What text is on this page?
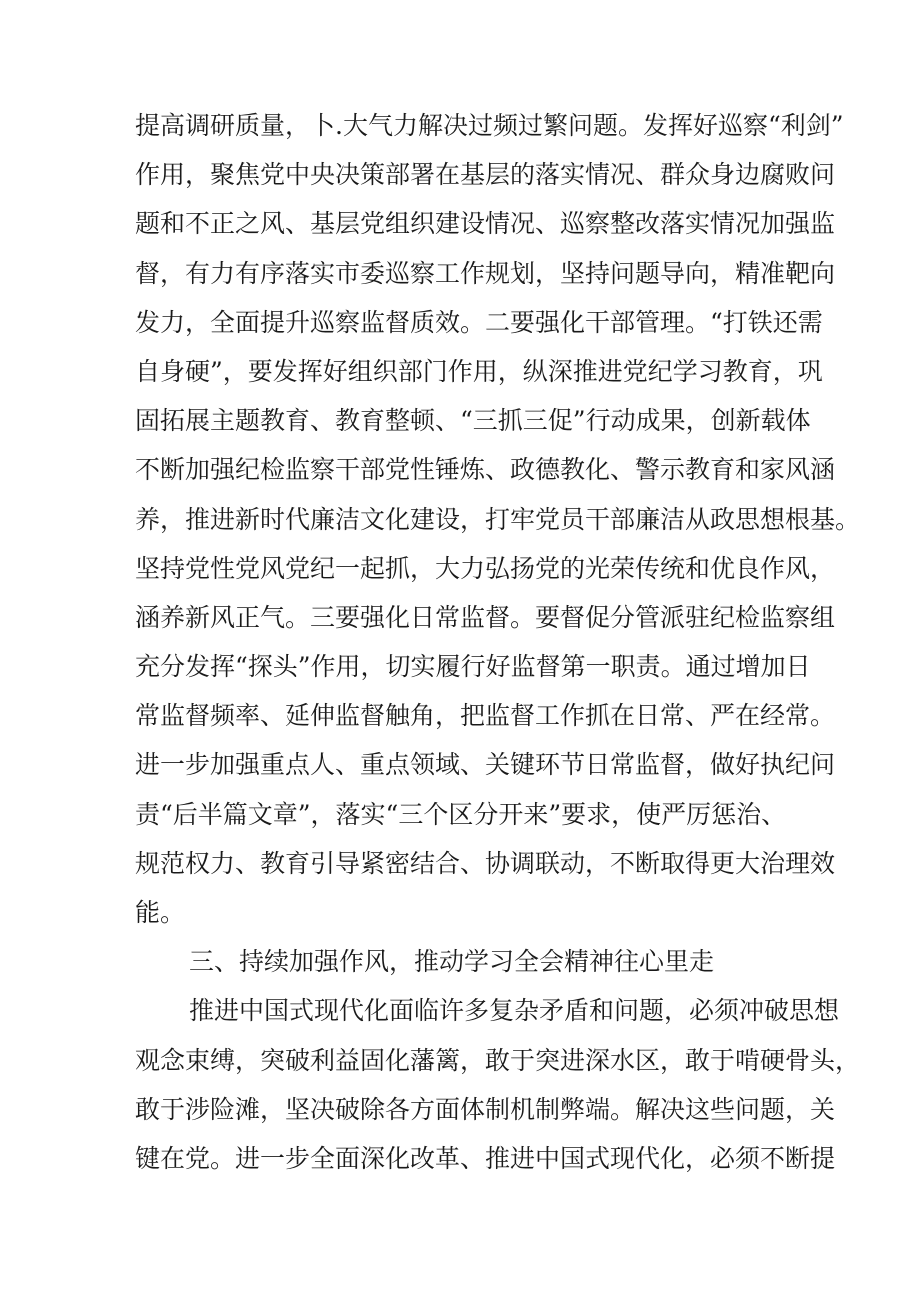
提高调研质量，卜.大气力解决过频过繁问题。发挥好巡察“利剑”
作用，聚焦党中央决策部署在基层的落实情况、群众身边腐败问
题和不正之风、基层党组织建设情况、巡察整改落实情况加强监
督，有力有序落实市委巡察工作规划，坚持问题导向，精准靶向
发力，全面提升巡察监督质效。二要强化干部管理。“打铁还需
自身硬”，要发挥好组织部门作用，纵深推进党纪学习教育，巩
固拓展主题教育、教育整顿、“三抓三促”行动成果，创新载体
不断加强纪检监察干部党性锤炼、政德教化、警示教育和家风涵
养，推进新时代廉洁文化建设，打牢党员干部廉洁从政思想根基。
坚持党性党风党纪一起抓，大力弘扬党的光荣传统和优良作风，
涵养新风正气。三要强化日常监督。要督促分管派驻纪检监察组
充分发挥“探头”作用，切实履行好监督第一职责。通过增加日
常监督频率、延伸监督触角，把监督工作抓在日常、严在经常。
进一步加强重点人、重点领域、关键环节日常监督，做好执纪问
责“后半篇文章”，落实“三个区分开来”要求，使严厉惩治、
规范权力、教育引导紧密结合、协调联动，不断取得更大治理效
能。
三、持续加强作风，推动学习全会精神往心里走
推进中国式现代化面临许多复杂矛盾和问题，必须冲破思想
观念束缚，突破利益固化藩篱，敢于突进深水区，敢于啃硬骨头，
敢于涉险滩，坚决破除各方面体制机制弊端。解决这些问题，关
键在党。进一步全面深化改革、推进中国式现代化，必须不断提
